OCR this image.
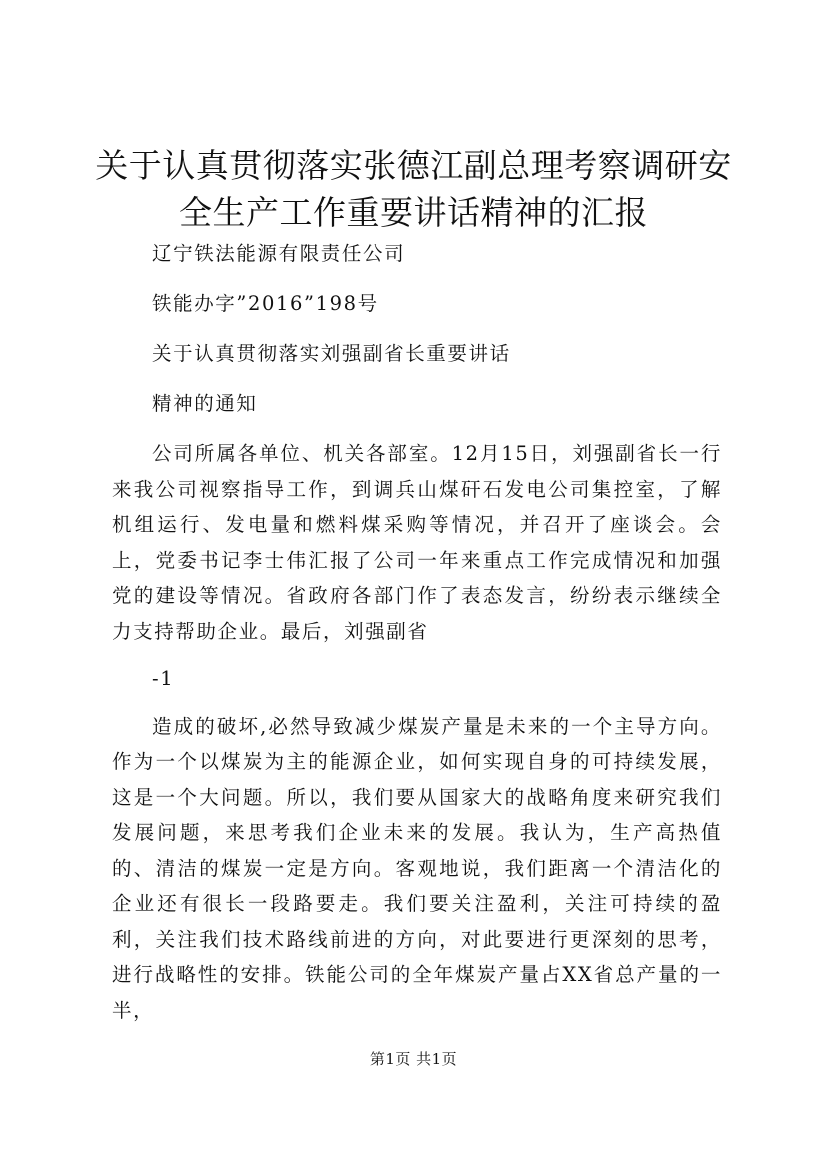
关于认真贯彻落实张德江副总理考察调研安全生产工作重要讲话精神的汇报

辽宁铁法能源有限责任公司

铁能办字”2016”198号

关于认真贯彻落实刘强副省长重要讲话

精神的通知

公司所属各单位、机关各部室。12月15日，刘强副省长一行来我公司视察指导工作，到调兵山煤矸石发电公司集控室，了解机组运行、发电量和燃料煤采购等情况，并召开了座谈会。会上，党委书记李士伟汇报了公司一年来重点工作完成情况和加强党的建设等情况。省政府各部门作了表态发言，纷纷表示继续全力支持帮助企业。最后，刘强副省

-1

造成的破坏,必然导致减少煤炭产量是未来的一个主导方向。作为一个以煤炭为主的能源企业，如何实现自身的可持续发展，这是一个大问题。所以，我们要从国家大的战略角度来研究我们发展问题，来思考我们企业未来的发展。我认为，生产高热值的、清洁的煤炭一定是方向。客观地说，我们距离一个清洁化的企业还有很长一段路要走。我们要关注盈利，关注可持续的盈利，关注我们技术路线前进的方向，对此要进行更深刻的思考，进行战略性的安排。铁能公司的全年煤炭产量占XX省总产量的一半，

第1页 共1页
